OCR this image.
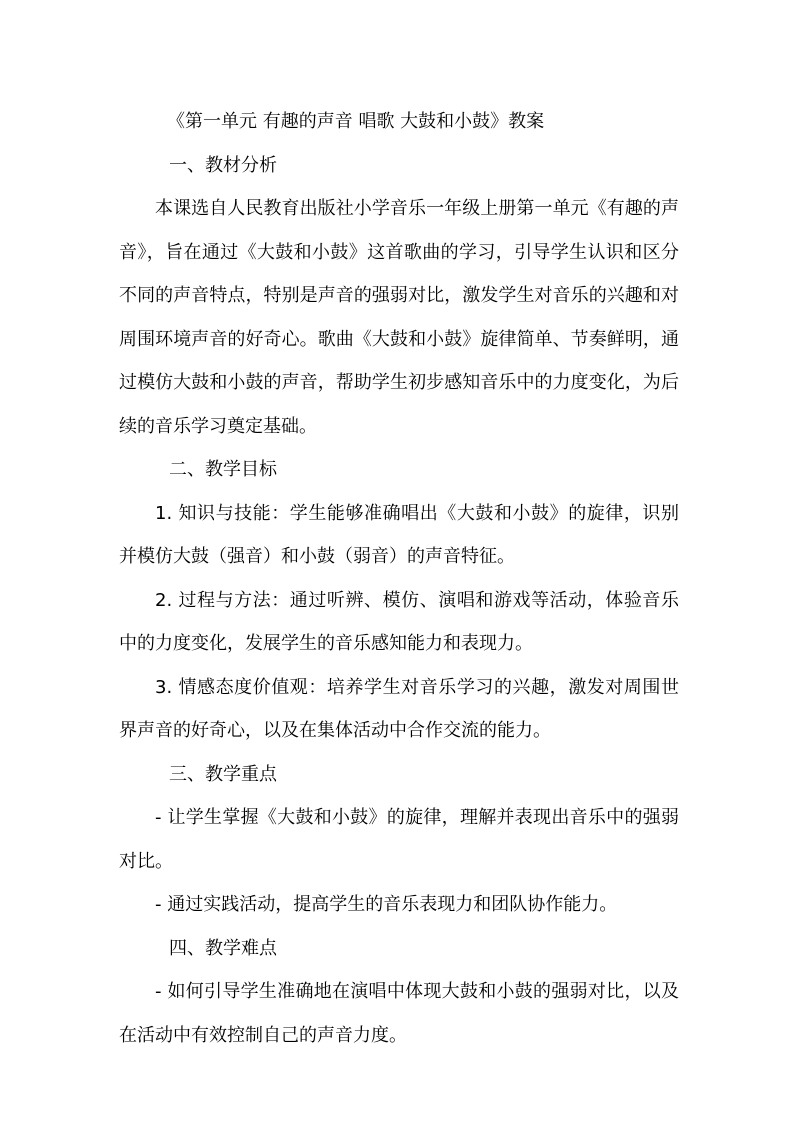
《第一单元 有趣的声音 唱歌 大鼓和小鼓》教案

一、教材分析

本课选自人民教育出版社小学音乐一年级上册第一单元《有趣的声音》，旨在通过《大鼓和小鼓》这首歌曲的学习，引导学生认识和区分不同的声音特点，特别是声音的强弱对比，激发学生对音乐的兴趣和对周围环境声音的好奇心。歌曲《大鼓和小鼓》旋律简单、节奏鲜明，通过模仿大鼓和小鼓的声音，帮助学生初步感知音乐中的力度变化，为后续的音乐学习奠定基础。

二、教学目标

1. 知识与技能：学生能够准确唱出《大鼓和小鼓》的旋律，识别并模仿大鼓（强音）和小鼓（弱音）的声音特征。

2. 过程与方法：通过听辨、模仿、演唱和游戏等活动，体验音乐中的力度变化，发展学生的音乐感知能力和表现力。

3. 情感态度价值观：培养学生对音乐学习的兴趣，激发对周围世界声音的好奇心，以及在集体活动中合作交流的能力。

三、教学重点

- 让学生掌握《大鼓和小鼓》的旋律，理解并表现出音乐中的强弱对比。

- 通过实践活动，提高学生的音乐表现力和团队协作能力。

四、教学难点

- 如何引导学生准确地在演唱中体现大鼓和小鼓的强弱对比，以及在活动中有效控制自己的声音力度。
